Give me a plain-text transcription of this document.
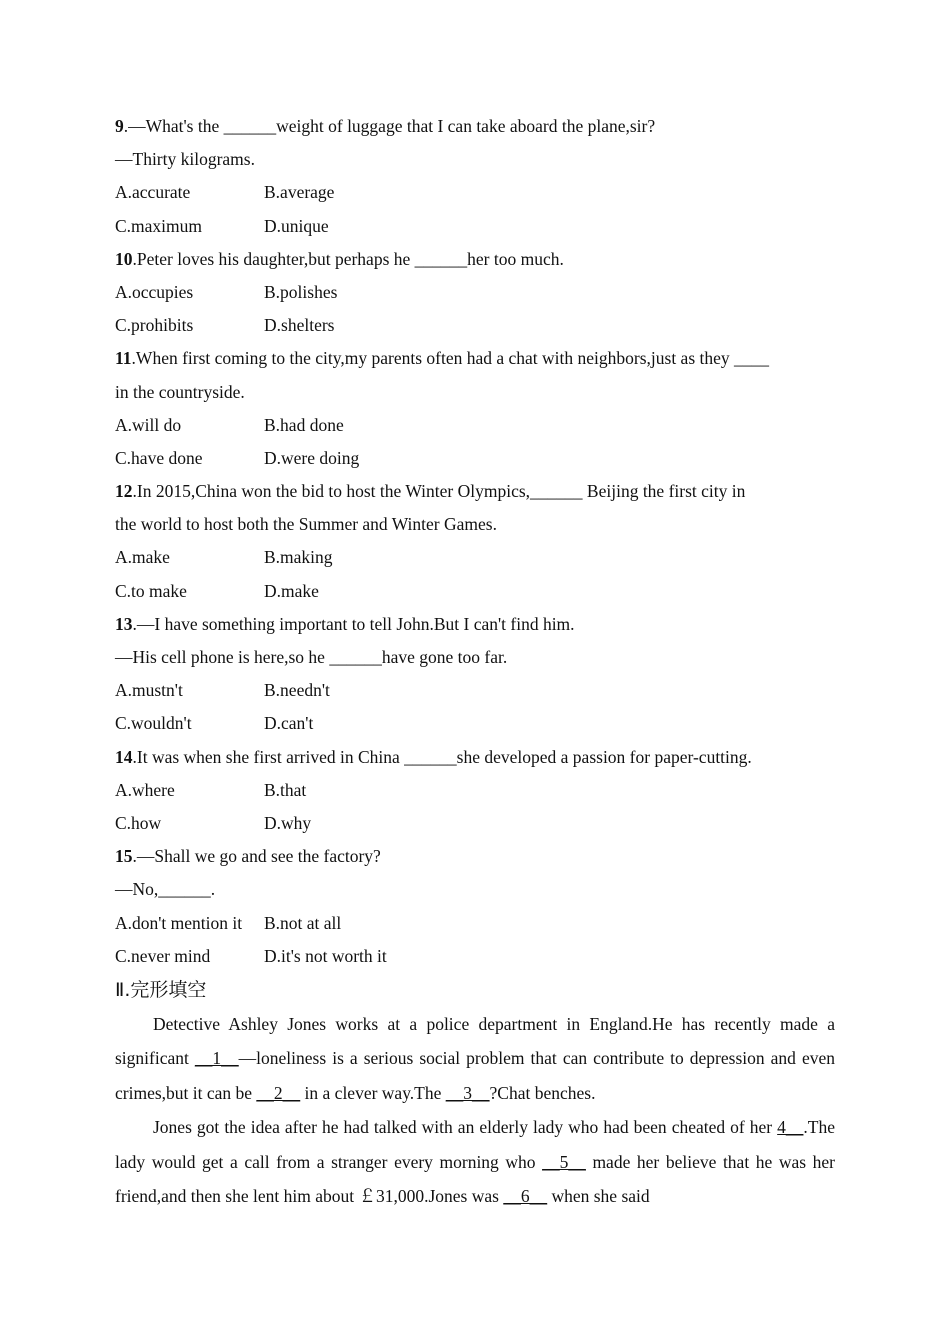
9.—What's the ______weight of luggage that I can take aboard the plane,sir?
—Thirty kilograms.
A.accurate	B.average
C.maximum	D.unique
10.Peter loves his daughter,but perhaps he ______her too much.
A.occupies	B.polishes
C.prohibits	D.shelters
11.When first coming to the city,my parents often had a chat with neighbors,just as they ____
in the countryside.
A.will do	B.had done
C.have done	D.were doing
12.In 2015,China won the bid to host the Winter Olympics,______ Beijing the first city in
the world to host both the Summer and Winter Games.
A.make	B.making
C.to make	D.make
13.—I have something important to tell John.But I can't find him.
—His cell phone is here,so he ______have gone too far.
A.mustn't	B.needn't
C.wouldn't	D.can't
14.It was when she first arrived in China ______she developed a passion for paper-cutting.
A.where	B.that
C.how	D.why
15.—Shall we go and see the factory?
—No,______.
A.don't mention it	B.not at all
C.never mind	D.it's not worth it
Ⅱ.完形填空
Detective Ashley Jones works at a police department in England.He has recently made a significant __1__—loneliness is a serious social problem that can contribute to depression and even crimes,but it can be __2__ in a clever way.The __3__?Chat benches.
Jones got the idea after he had talked with an elderly lady who had been cheated of her 4__.The lady would get a call from a stranger every morning who __5__ made her believe that he was her friend,and then she lent him about ￡31,000.Jones was __6__ when she said
